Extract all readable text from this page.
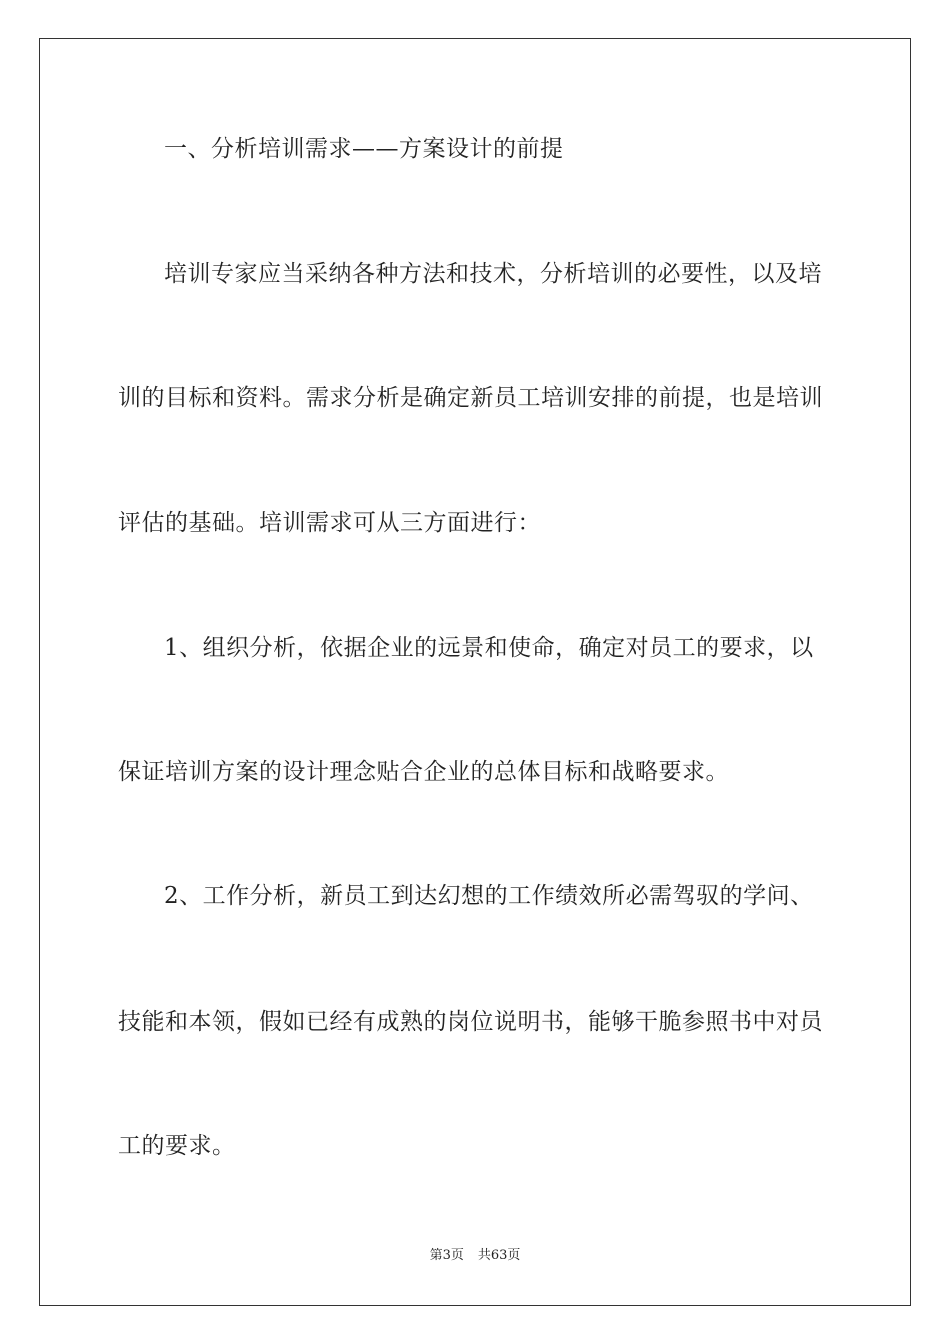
一、分析培训需求——方案设计的前提
培训专家应当采纳各种方法和技术，分析培训的必要性，以及培
训的目标和资料。需求分析是确定新员工培训安排的前提，也是培训
评估的基础。培训需求可从三方面进行：
1、组织分析，依据企业的远景和使命，确定对员工的要求，以
保证培训方案的设计理念贴合企业的总体目标和战略要求。
2、工作分析，新员工到达幻想的工作绩效所必需驾驭的学问、
技能和本领，假如已经有成熟的岗位说明书，能够干脆参照书中对员
工的要求。
第3页 共63页
